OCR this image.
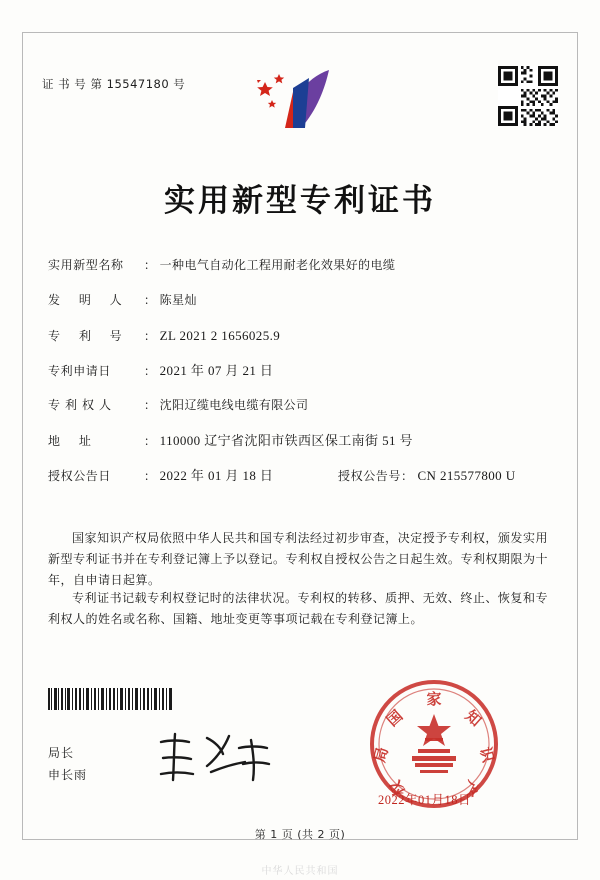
证 书 号 第 15547180 号
实用新型专利证书
实用新型名称 ： 一种电气自动化工程用耐老化效果好的电缆
发 明 人 ： 陈星灿
专 利 号 ： ZL 2021 2 1656025.9
专利申请日	： 2021 年 07 月 21 日
专 利 权 人	： 沈阳辽缆电线电缆有限公司
地 址	： 110000 辽宁省沈阳市铁西区保工南街 51 号
授权公告日	： 2022 年 01 月 18 日	授权公告号： CN 215577800 U
国家知识产权局依照中华人民共和国专利法经过初步审查，决定授予专利权，颁发实用新型专利证书并在专利登记簿上予以登记。专利权自授权公告之日起生效。专利权期限为十年，自申请日起算。
专利证书记载专利权登记时的法律状况。专利权的转移、质押、无效、终止、恢复和专利权人的姓名或名称、国籍、地址变更等事项记载在专利登记簿上。
家
国	知
局	识
权	产
局长
申长雨
2022年01月18日
第 1 页 (共 2 页)
中华人民共和国
